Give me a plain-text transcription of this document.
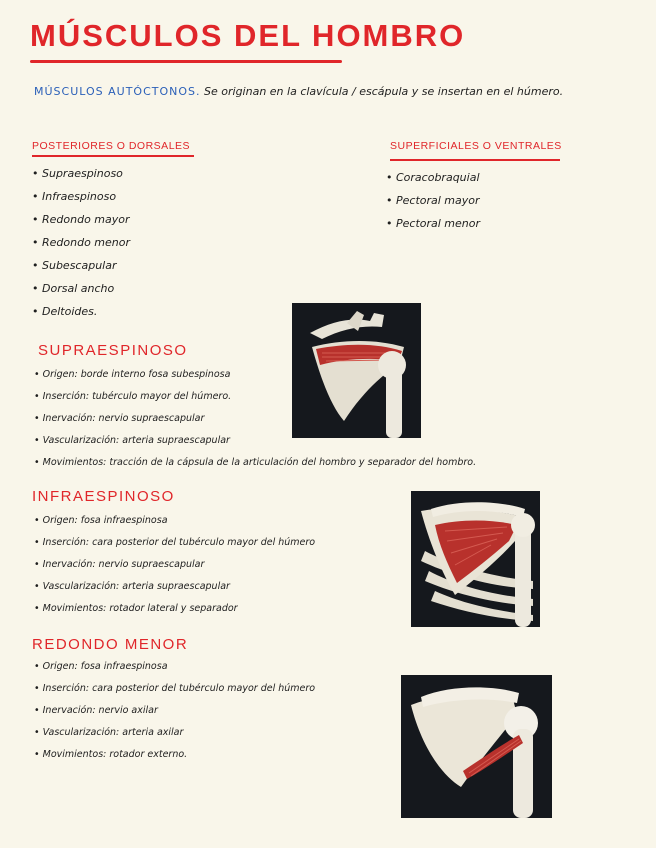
MÚSCULOS DEL HOMBRO
MÚSCULOS AUTÓCTONOS. Se originan en la clavícula / escápula y se insertan en el húmero.
POSTERIORES O DORSALES
• Supraespinoso
• Infraespinoso
• Redondo mayor
• Redondo menor
• Subescapular
• Dorsal ancho
• Deltoides.
SUPERFICIALES O VENTRALES
• Coracobraquial
• Pectoral mayor
• Pectoral menor
SUPRAESPINOSO
• Origen: borde interno fosa subespinosa
• Inserción: tubérculo mayor del húmero.
• Inervación: nervio supraescapular
• Vascularización: arteria supraescapular
• Movimientos: tracción de la cápsula de la articulación del hombro y separador del hombro.
INFRAESPINOSO
• Origen: fosa infraespinosa
• Inserción: cara posterior del tubérculo mayor del húmero
• Inervación: nervio supraescapular
• Vascularización: arteria supraescapular
• Movimientos: rotador lateral y separador
REDONDO MENOR
• Origen: fosa infraespinosa
• Inserción: cara posterior del tubérculo mayor del húmero
• Inervación: nervio axilar
• Vascularización: arteria axilar
• Movimientos: rotador externo.
